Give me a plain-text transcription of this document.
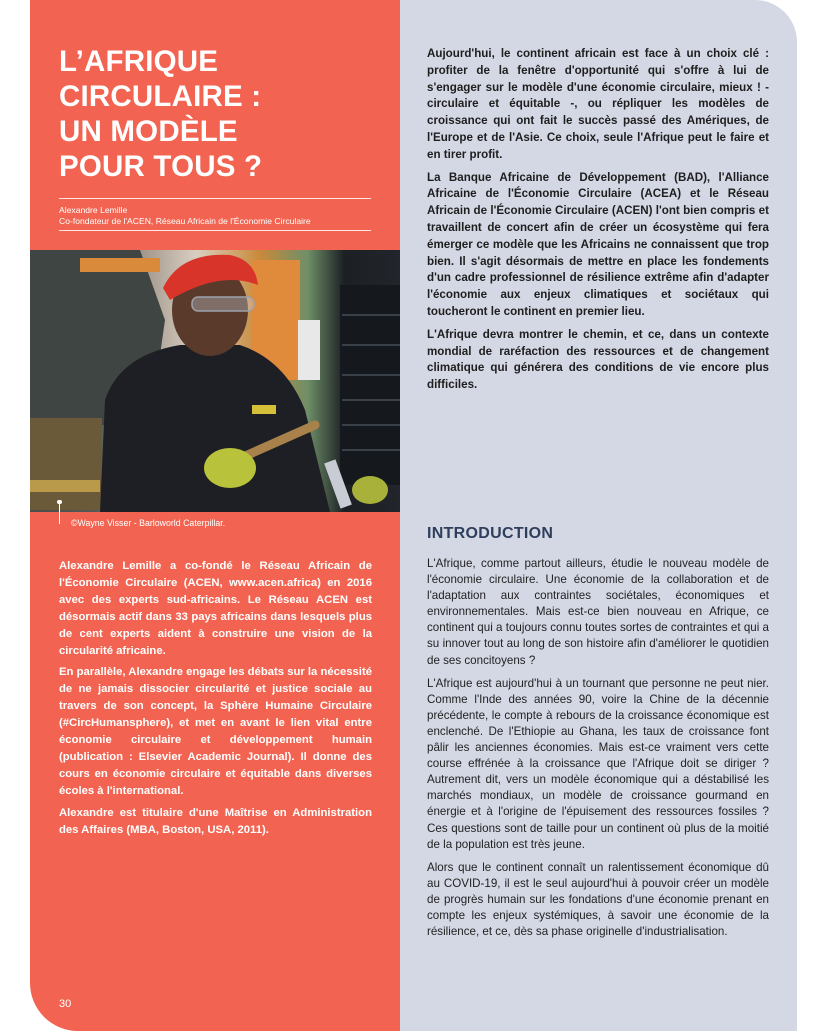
L’AFRIQUE
CIRCULAIRE :
UN MODÈLE
POUR TOUS ?
Alexandre Lemille
Co-fondateur de l'ACEN, Réseau Africain de l'Économie Circulaire
©Wayne Visser - Barloworld Caterpillar.

Alexandre Lemille a co-fondé le Réseau Africain de l'Économie Circulaire (ACEN, www.acen.africa) en 2016 avec des experts sud-africains. Le Réseau ACEN est désormais actif dans 33 pays africains dans lesquels plus de cent experts aident à construire une vision de la circularité africaine.

En parallèle, Alexandre engage les débats sur la nécessité de ne jamais dissocier circularité et justice sociale au travers de son concept, la Sphère Humaine Circulaire (#CircHumansphere), et met en avant le lien vital entre économie circulaire et développement humain (publication : Elsevier Academic Journal). Il donne des cours en économie circulaire et équitable dans diverses écoles à l'international.

Alexandre est titulaire d'une Maîtrise en Administration des Affaires (MBA, Boston, USA, 2011).

30

Aujourd'hui, le continent africain est face à un choix clé : profiter de la fenêtre d'opportunité qui s'offre à lui de s'engager sur le modèle d'une économie circulaire, mieux ! - circulaire et équitable -, ou répliquer les modèles de croissance qui ont fait le succès passé des Amériques, de l'Europe et de l'Asie. Ce choix, seule l'Afrique peut le faire et en tirer profit.

La Banque Africaine de Développement (BAD), l'Alliance Africaine de l'Économie Circulaire (ACEA) et le Réseau Africain de l'Économie Circulaire (ACEN) l'ont bien compris et travaillent de concert afin de créer un écosystème qui fera émerger ce modèle que les Africains ne connaissent que trop bien. Il s'agit désormais de mettre en place les fondements d'un cadre professionnel de résilience extrême afin d'adapter l'économie aux enjeux climatiques et sociétaux qui toucheront le continent en premier lieu.

L'Afrique devra montrer le chemin, et ce, dans un contexte mondial de raréfaction des ressources et de changement climatique qui générera des conditions de vie encore plus difficiles.

INTRODUCTION

L'Afrique, comme partout ailleurs, étudie le nouveau modèle de l'économie circulaire. Une économie de la collaboration et de l'adaptation aux contraintes sociétales, économiques et environnementales. Mais est-ce bien nouveau en Afrique, ce continent qui a toujours connu toutes sortes de contraintes et qui a su innover tout au long de son histoire afin d'améliorer le quotidien de ses concitoyens ?

L'Afrique est aujourd'hui à un tournant que personne ne peut nier. Comme l'Inde des années 90, voire la Chine de la décennie précédente, le compte à rebours de la croissance économique est enclenché. De l'Ethiopie au Ghana, les taux de croissance font pâlir les anciennes économies. Mais est-ce vraiment vers cette course effrénée à la croissance que l'Afrique doit se diriger ? Autrement dit, vers un modèle économique qui a déstabilisé les marchés mondiaux, un modèle de croissance gourmand en énergie et à l'origine de l'épuisement des ressources fossiles ? Ces questions sont de taille pour un continent où plus de la moitié de la population est très jeune.

Alors que le continent connaît un ralentissement économique dû au COVID-19, il est le seul aujourd'hui à pouvoir créer un modèle de progrès humain sur les fondations d'une économie prenant en compte les enjeux systémiques, à savoir une économie de la résilience, et ce, dès sa phase originelle d'industrialisation.
